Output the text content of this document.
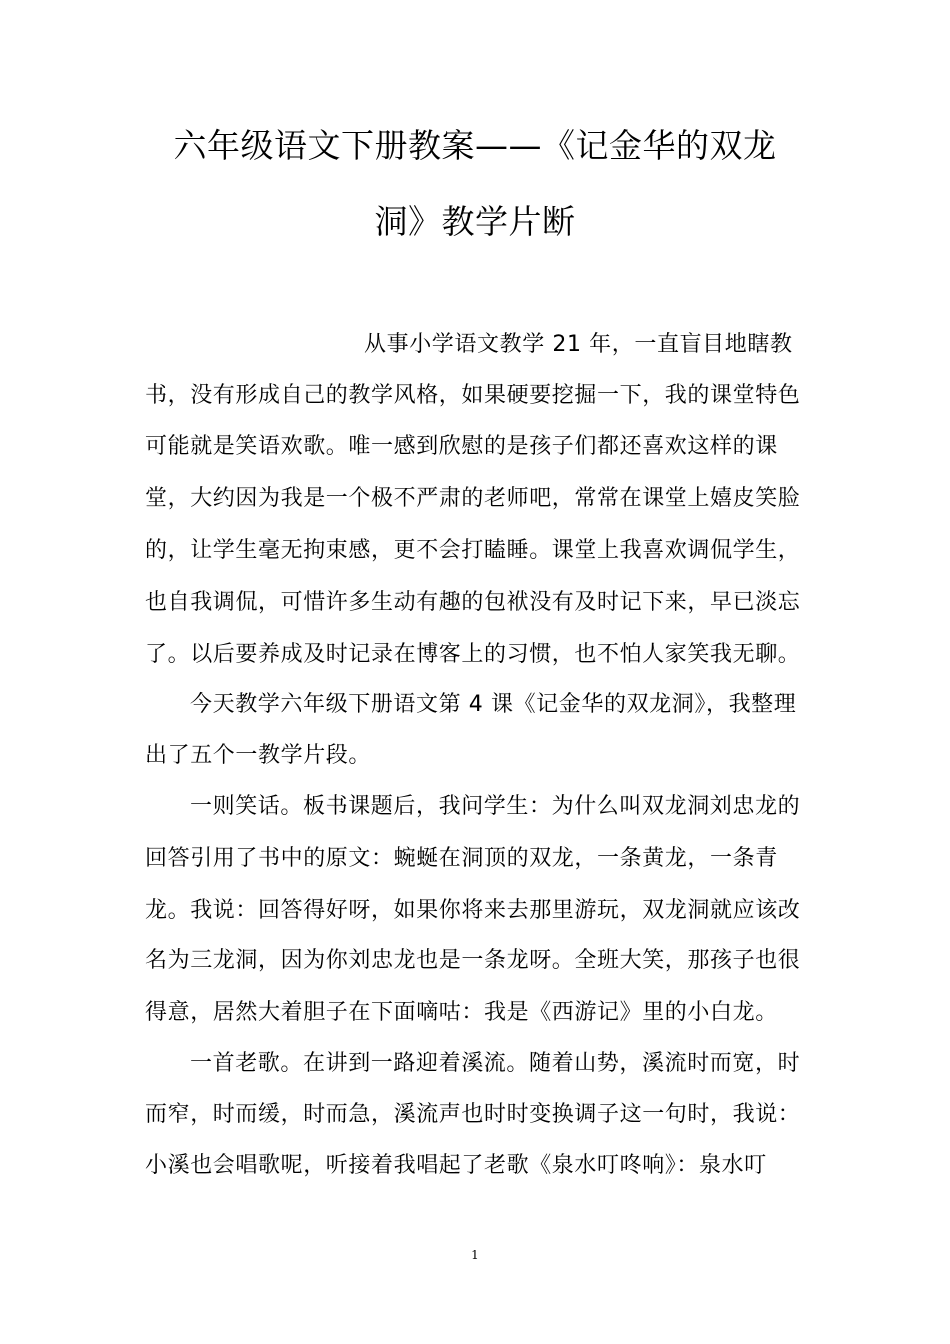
六年级语文下册教案——《记金华的双龙
洞》教学片断
从事小学语文教学 21 年，一直盲目地瞎教
书，没有形成自己的教学风格，如果硬要挖掘一下，我的课堂特色
可能就是笑语欢歌。唯一感到欣慰的是孩子们都还喜欢这样的课
堂，大约因为我是一个极不严肃的老师吧，常常在课堂上嬉皮笑脸
的，让学生毫无拘束感，更不会打瞌睡。课堂上我喜欢调侃学生，
也自我调侃，可惜许多生动有趣的包袱没有及时记下来，早已淡忘
了。以后要养成及时记录在博客上的习惯，也不怕人家笑我无聊。
今天教学六年级下册语文第 4 课《记金华的双龙洞》，我整理
出了五个一教学片段。
一则笑话。板书课题后，我问学生：为什么叫双龙洞刘忠龙的
回答引用了书中的原文：蜿蜒在洞顶的双龙，一条黄龙，一条青
龙。我说：回答得好呀，如果你将来去那里游玩，双龙洞就应该改
名为三龙洞，因为你刘忠龙也是一条龙呀。全班大笑，那孩子也很
得意，居然大着胆子在下面嘀咕：我是《西游记》里的小白龙。
一首老歌。在讲到一路迎着溪流。随着山势，溪流时而宽，时
而窄，时而缓，时而急，溪流声也时时变换调子这一句时，我说：
小溪也会唱歌呢，听接着我唱起了老歌《泉水叮咚响》：泉水叮
1
